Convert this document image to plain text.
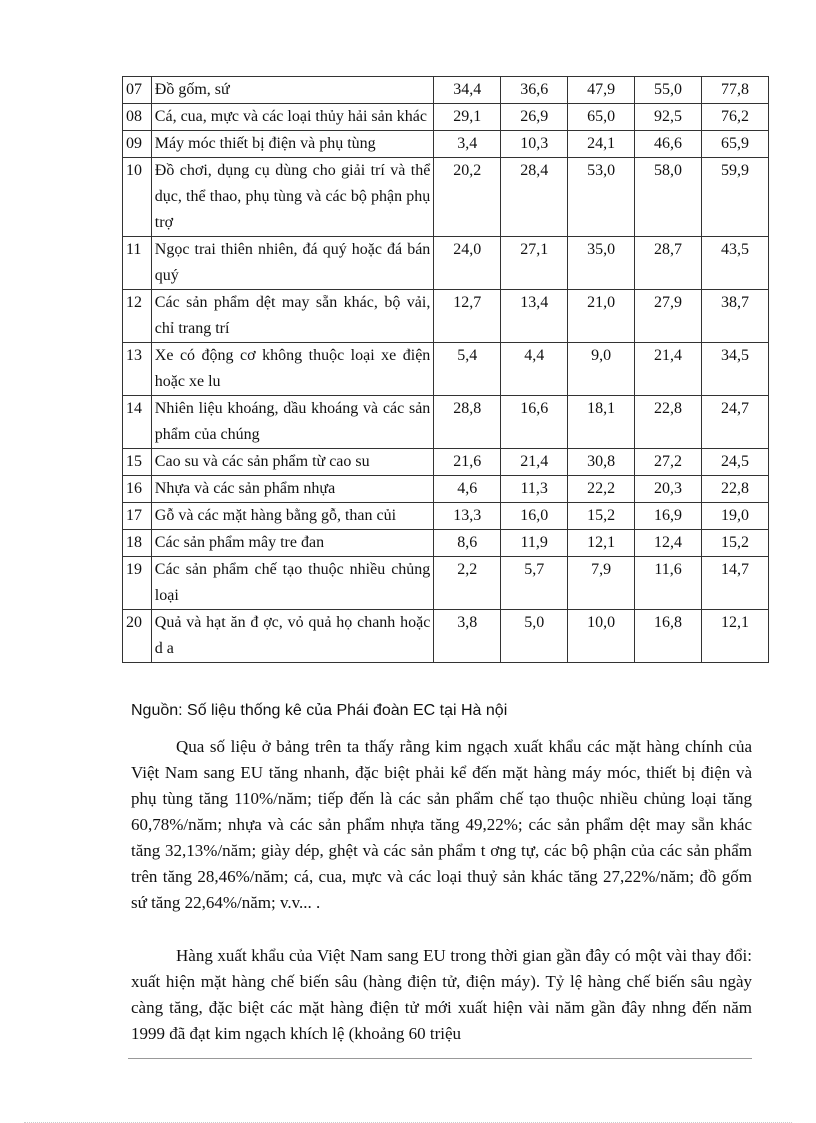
07	Đồ gốm, sứ	34,4	36,6	47,9	55,0	77,8
08	Cá, cua, mực và các loại thủy hải sản khác	29,1	26,9	65,0	92,5	76,2
09	Máy móc thiết bị điện và phụ tùng	3,4	10,3	24,1	46,6	65,9
10	Đồ chơi, dụng cụ dùng cho giải trí và thể dục, thể thao, phụ tùng và các bộ phận phụ trợ	20,2	28,4	53,0	58,0	59,9
11	Ngọc trai thiên nhiên, đá quý hoặc đá bán quý	24,0	27,1	35,0	28,7	43,5
12	Các sản phẩm dệt may sẵn khác, bộ vải, chỉ trang trí	12,7	13,4	21,0	27,9	38,7
13	Xe có động cơ không thuộc loại xe điện hoặc xe lu	5,4	4,4	9,0	21,4	34,5
14	Nhiên liệu khoáng, dầu khoáng và các sản phẩm của chúng	28,8	16,6	18,1	22,8	24,7
15	Cao su và các sản phẩm từ cao su	21,6	21,4	30,8	27,2	24,5
16	Nhựa và các sản phẩm nhựa	4,6	11,3	22,2	20,3	22,8
17	Gỗ và các mặt hàng bằng gỗ, than củi	13,3	16,0	15,2	16,9	19,0
18	Các sản phẩm mây tre đan	8,6	11,9	12,1	12,4	15,2
19	Các sản phẩm chế tạo thuộc nhiều chủng loại	2,2	5,7	7,9	11,6	14,7
20	Quả và hạt ăn đ ợc, vỏ quả họ chanh hoặc d a	3,8	5,0	10,0	16,8	12,1
Nguồn: Số liệu thống kê của Phái đoàn EC tại Hà nội

Qua số liệu ở bảng trên ta thấy rằng kim ngạch xuất khẩu các mặt hàng chính của Việt Nam sang EU tăng nhanh, đặc biệt phải kể đến mặt hàng máy móc, thiết bị điện và phụ tùng tăng 110%/năm; tiếp đến là các sản phẩm chế tạo thuộc nhiều chủng loại tăng 60,78%/năm; nhựa và các sản phẩm nhựa tăng 49,22%; các sản phẩm dệt may sẵn khác tăng 32,13%/năm; giày dép, ghệt và các sản phẩm t ơng tự, các bộ phận của các sản phẩm trên tăng 28,46%/năm; cá, cua, mực và các loại thuỷ sản khác tăng 27,22%/năm; đồ gốm sứ tăng 22,64%/năm; v.v... .

Hàng xuất khẩu của Việt Nam sang EU trong thời gian gần đây có một vài thay đổi: xuất hiện mặt hàng chế biến sâu (hàng điện tử, điện máy). Tỷ lệ hàng chế biến sâu ngày càng tăng, đặc biệt các mặt hàng điện tử mới xuất hiện vài năm gần đây nhng đến năm 1999 đã đạt kim ngạch khích lệ (khoảng 60 triệu
